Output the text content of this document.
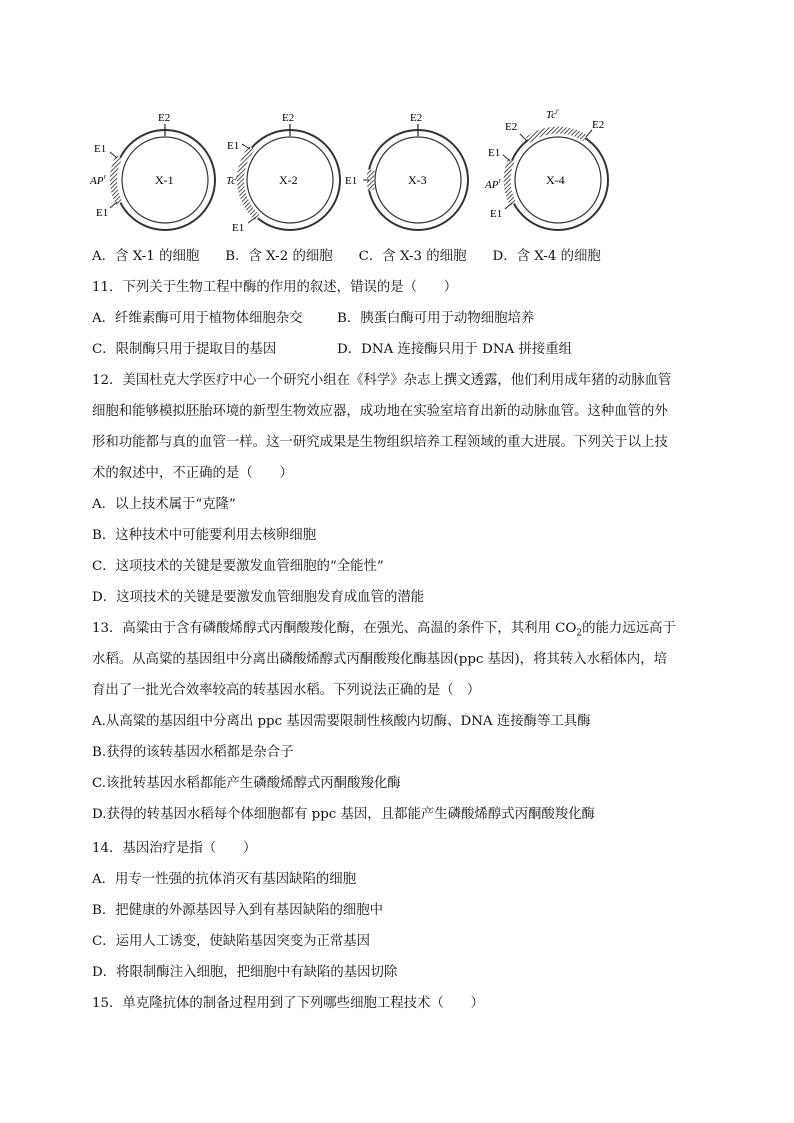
E2
E1
$AP^r$
E1
X-1
E2
E1
Tc$^r$
E1
X-2
E2
E1	X-3
Tc$^r$
E2	E2
E1
$AP^r$
E1
X-4
A．含 X-1 的细胞 B．含 X-2 的细胞 C．含 X-3 的细胞 D．含 X-4 的细胞
11．下列关于生物工程中酶的作用的叙述，错误的是（　　）
A．纤维素酶可用于植物体细胞杂交	B．胰蛋白酶可用于动物细胞培养
C．限制酶只用于提取目的基因	D．DNA 连接酶只用于 DNA 拼接重组
12．美国杜克大学医疗中心一个研究小组在《科学》杂志上撰文透露，他们利用成年猪的动脉血管
细胞和能够模拟胚胎环境的新型生物效应器，成功地在实验室培育出新的动脉血管。这种血管的外
形和功能都与真的血管一样。这一研究成果是生物组织培养工程领域的重大进展。下列关于以上技
术的叙述中，不正确的是（　　）
A．以上技术属于“克隆”
B．这种技术中可能要利用去核卵细胞
C．这项技术的关键是要激发血管细胞的“全能性”
D．这项技术的关键是要激发血管细胞发育成血管的潜能
13．高粱由于含有磷酸烯醇式丙酮酸羧化酶，在强光、高温的条件下，其利用 $CO_2$的能力远远高于
水稻。从高粱的基因组中分离出磷酸烯醇式丙酮酸羧化酶基因(ppc 基因)，将其转入水稻体内，培
育出了一批光合效率较高的转基因水稻。下列说法正确的是（　）
A.从高粱的基因组中分离出 ppc 基因需要限制性核酸内切酶、DNA 连接酶等工具酶
B.获得的该转基因水稻都是杂合子
C.该批转基因水稻都能产生磷酸烯醇式丙酮酸羧化酶
D.获得的转基因水稻每个体细胞都有 ppc 基因，且都能产生磷酸烯醇式丙酮酸羧化酶
14．基因治疗是指（　　）
A．用专一性强的抗体消灭有基因缺陷的细胞
B．把健康的外源基因导入到有基因缺陷的细胞中
C．运用人工诱变，使缺陷基因突变为正常基因
D．将限制酶注入细胞，把细胞中有缺陷的基因切除
15．单克隆抗体的制备过程用到了下列哪些细胞工程技术（　　）
